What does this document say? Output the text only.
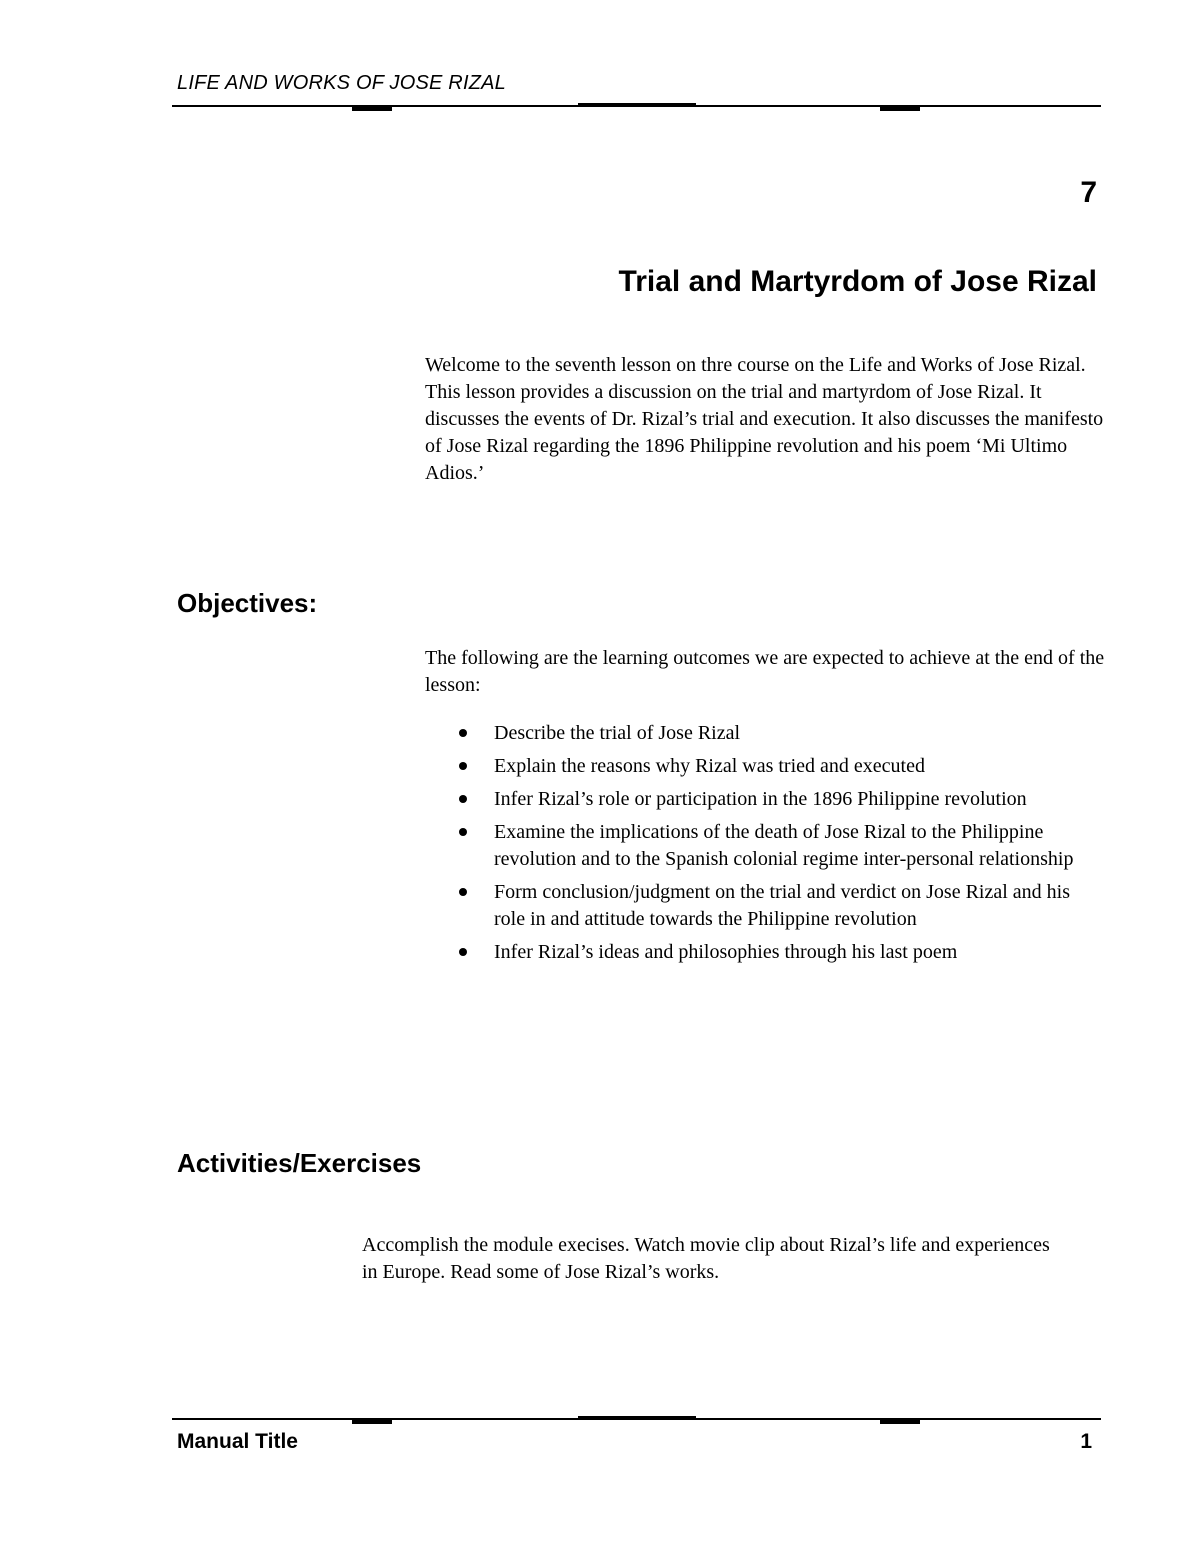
LIFE AND WORKS OF JOSE RIZAL
7
Trial and Martyrdom of Jose Rizal
Welcome to the seventh lesson on thre course on the Life and Works of Jose Rizal. This lesson provides a discussion on the trial and martyrdom of Jose Rizal. It discusses the events of Dr. Rizal’s trial and execution. It also discusses the manifesto of Jose Rizal regarding the 1896 Philippine revolution and his poem ‘Mi Ultimo Adios.’
Objectives:
The following are the learning outcomes we are expected to achieve at the end of the lesson:
Describe the trial of Jose Rizal
Explain the reasons why Rizal was tried and executed
Infer Rizal’s role or participation in the 1896 Philippine revolution
Examine the implications of the death of Jose Rizal to the Philippine revolution and to the Spanish colonial regime inter-personal relationship
Form conclusion/judgment on the trial and verdict on Jose Rizal and his role in and attitude towards the Philippine revolution
Infer Rizal’s ideas and philosophies through his last poem
Activities/Exercises
Accomplish the module execises. Watch movie clip about Rizal’s life and experiences in Europe. Read some of Jose Rizal’s works.
Manual Title	1
